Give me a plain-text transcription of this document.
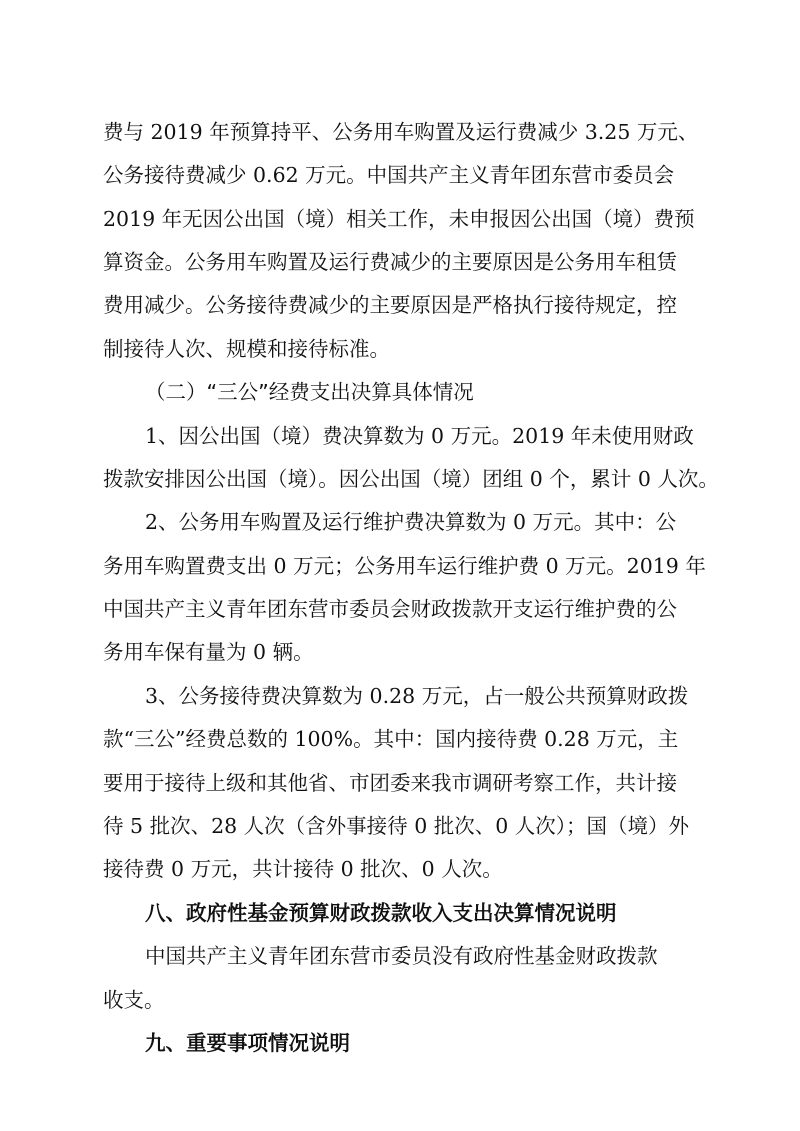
费与 2019 年预算持平、公务用车购置及运行费减少 3.25 万元、
公务接待费减少 0.62 万元。中国共产主义青年团东营市委员会
2019 年无因公出国（境）相关工作，未申报因公出国（境）费预
算资金。公务用车购置及运行费减少的主要原因是公务用车租赁
费用减少。公务接待费减少的主要原因是严格执行接待规定，控
制接待人次、规模和接待标准。
（二）“三公”经费支出决算具体情况
1、因公出国（境）费决算数为 0 万元。2019 年未使用财政
拨款安排因公出国（境）。因公出国（境）团组 0 个，累计 0 人次。
2、公务用车购置及运行维护费决算数为 0 万元。其中：公
务用车购置费支出 0 万元；公务用车运行维护费 0 万元。2019 年
中国共产主义青年团东营市委员会财政拨款开支运行维护费的公
务用车保有量为 0 辆。
3、公务接待费决算数为 0.28 万元，占一般公共预算财政拨
款“三公”经费总数的 100%。其中：国内接待费 0.28 万元，主
要用于接待上级和其他省、市团委来我市调研考察工作，共计接
待 5 批次、28 人次（含外事接待 0 批次、0 人次）；国（境）外
接待费 0 万元，共计接待 0 批次、0 人次。
八、政府性基金预算财政拨款收入支出决算情况说明
中国共产主义青年团东营市委员没有政府性基金财政拨款
收支。
九、重要事项情况说明
